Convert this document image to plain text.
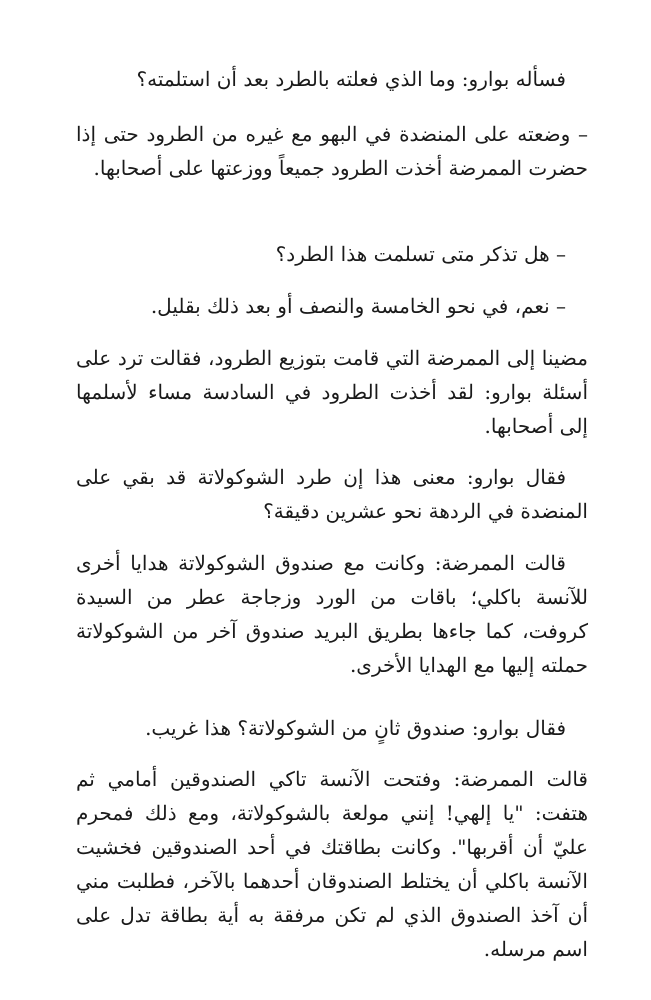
فسأله بوارو: وما الذي فعلته بالطرد بعد أن استلمته؟

– وضعته على المنضدة في البهو مع غيره من الطرود حتى إذا حضرت الممرضة أخذت الطرود جميعاً ووزعتها على أصحابها.

– هل تذكر متى تسلمت هذا الطرد؟

– نعم، في نحو الخامسة والنصف أو بعد ذلك بقليل.

مضينا إلى الممرضة التي قامت بتوزيع الطرود، فقالت ترد على أسئلة بوارو: لقد أخذت الطرود في السادسة مساء لأسلمها إلى أصحابها.

فقال بوارو: معنى هذا إن طرد الشوكولاتة قد بقي على المنضدة في الردهة نحو عشرين دقيقة؟

قالت الممرضة: وكانت مع صندوق الشوكولاتة هدايا أخرى للآنسة باكلي؛ باقات من الورد وزجاجة عطر من السيدة كروفت، كما جاءها بطريق البريد صندوق آخر من الشوكولاتة حملته إليها مع الهدايا الأخرى.

فقال بوارو: صندوق ثانٍ من الشوكولاتة؟ هذا غريب.

قالت الممرضة: وفتحت الآنسة تاكي الصندوقين أمامي ثم هتفت: "يا إلهي! إنني مولعة بالشوكولاتة، ومع ذلك فمحرم عليّ أن أقربها". وكانت بطاقتك في أحد الصندوقين فخشيت الآنسة باكلي أن يختلط الصندوقان أحدهما بالآخر، فطلبت مني أن آخذ الصندوق الذي لم تكن مرفقة به أية بطاقة تدل على اسم مرسله.
